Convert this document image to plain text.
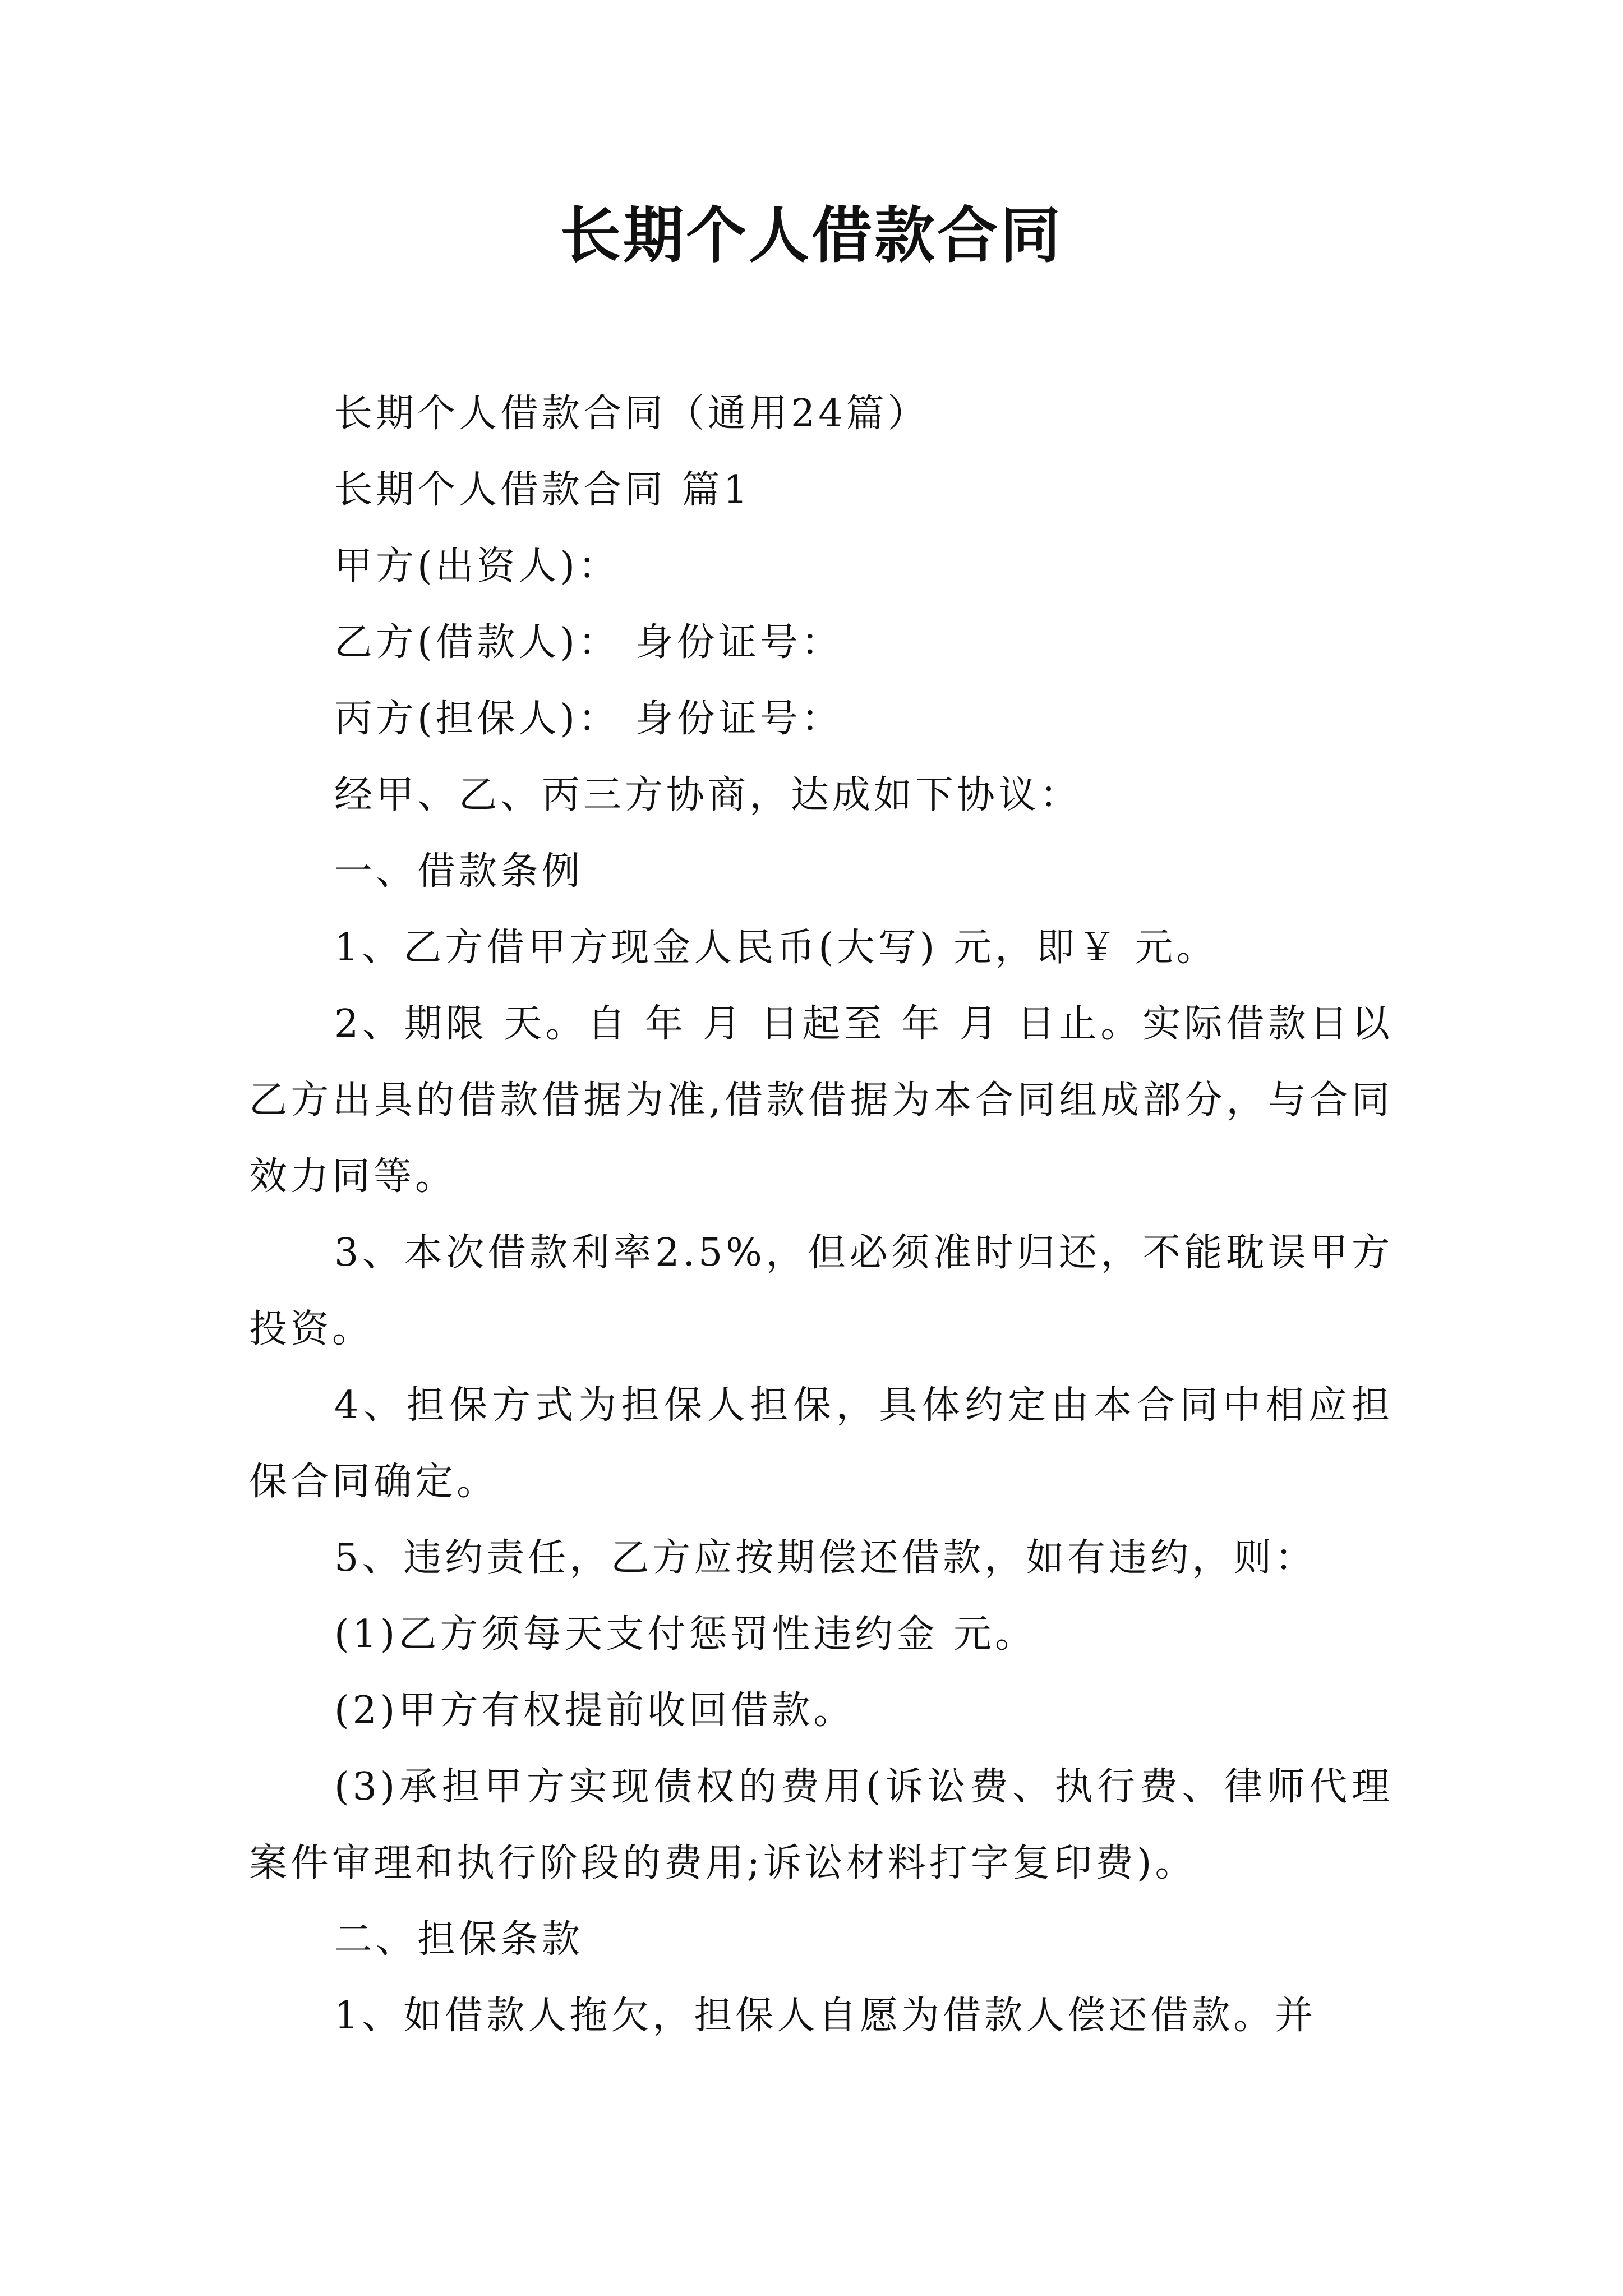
长期个人借款合同

长期个人借款合同（通用24篇）

长期个人借款合同 篇1

甲方(出资人)：

乙方(借款人)： 身份证号：

丙方(担保人)： 身份证号：

经甲、乙、丙三方协商，达成如下协议：

一、借款条例

1、乙方借甲方现金人民币(大写) 元，即￥ 元。

2、期限 天。自 年 月 日起至 年 月 日止。实际借款日以乙方出具的借款借据为准,借款借据为本合同组成部分，与合同效力同等。

3、本次借款利率2.5%，但必须准时归还，不能耽误甲方投资。

4、担保方式为担保人担保，具体约定由本合同中相应担保合同确定。

5、违约责任，乙方应按期偿还借款，如有违约，则：

(1)乙方须每天支付惩罚性违约金 元。

(2)甲方有权提前收回借款。

(3)承担甲方实现债权的费用(诉讼费、执行费、律师代理案件审理和执行阶段的费用;诉讼材料打字复印费)。

二、担保条款

1、如借款人拖欠，担保人自愿为借款人偿还借款。并
